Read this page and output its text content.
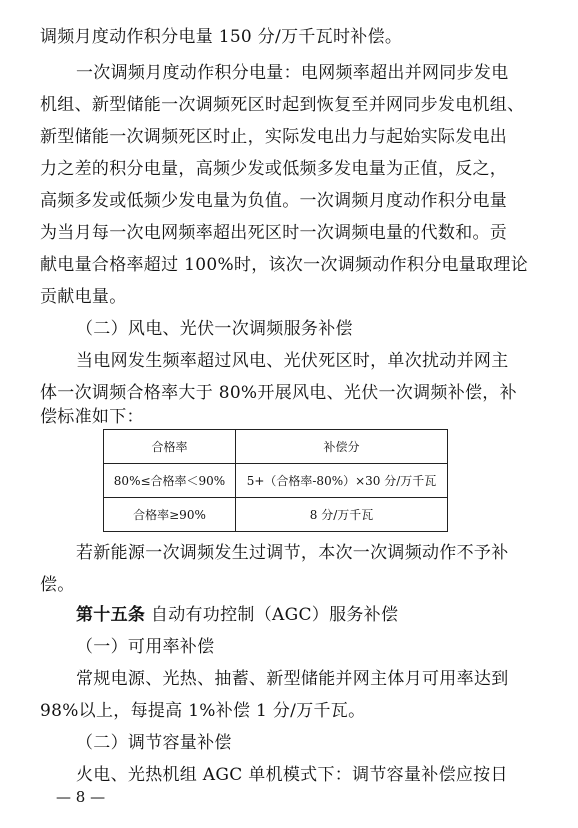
调频月度动作积分电量 150 分/万千瓦时补偿。
一次调频月度动作积分电量：电网频率超出并网同步发电
机组、新型储能一次调频死区时起到恢复至并网同步发电机组、
新型储能一次调频死区时止，实际发电出力与起始实际发电出
力之差的积分电量，高频少发或低频多发电量为正值，反之，
高频多发或低频少发电量为负值。一次调频月度动作积分电量
为当月每一次电网频率超出死区时一次调频电量的代数和。贡
献电量合格率超过 100%时，该次一次调频动作积分电量取理论
贡献电量。
（二）风电、光伏一次调频服务补偿
当电网发生频率超过风电、光伏死区时，单次扰动并网主
体一次调频合格率大于 80%开展风电、光伏一次调频补偿，补
偿标准如下：
合格率	补偿分
80%≤合格率＜90%	5+（合格率-80%）×30 分/万千瓦
合格率≥90%	8 分/万千瓦
若新能源一次调频发生过调节，本次一次调频动作不予补
偿。
第十五条 自动有功控制（AGC）服务补偿
（一）可用率补偿
常规电源、光热、抽蓄、新型储能并网主体月可用率达到
98%以上，每提高 1%补偿 1 分/万千瓦。
（二）调节容量补偿
火电、光热机组 AGC 单机模式下：调节容量补偿应按日
— 8 —
